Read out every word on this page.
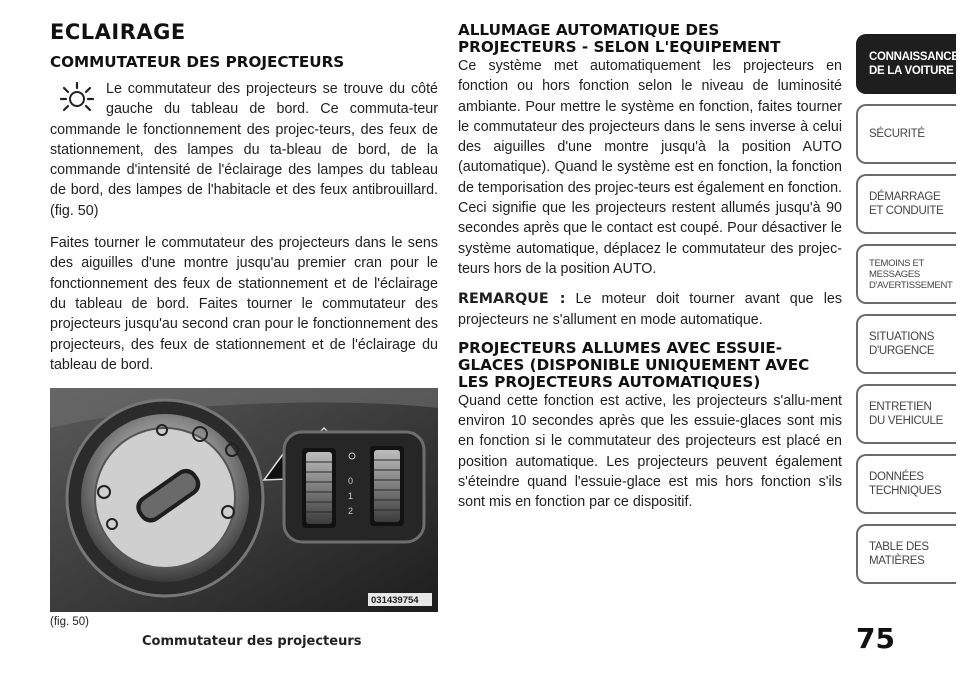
ECLAIRAGE
COMMUTATEUR DES PROJECTEURS

Le commutateur des projecteurs se trouve du côté gauche du tableau de bord. Ce commuta-teur commande le fonctionnement des projec-teurs, des feux de stationnement, des lampes du ta-bleau de bord, de la commande d'intensité de l'éclairage des lampes du tableau de bord, des lampes de l'habitacle et des feux antibrouillard. (fig. 50)

Faites tourner le commutateur des projecteurs dans le sens des aiguilles d'une montre jusqu'au premier cran pour le fonctionnement des feux de stationnement et de l'éclairage du tableau de bord. Faites tourner le commutateur des projecteurs jusqu'au second cran pour le fonctionnement des projecteurs, des feux de stationnement et de l'éclairage du tableau de bord.

0
1
2
031439754
(fig. 50)
Commutateur des projecteurs
ALLUMAGE AUTOMATIQUE DES PROJECTEURS - SELON L'EQUIPEMENT

Ce système met automatiquement les projecteurs en fonction ou hors fonction selon le niveau de luminosité ambiante. Pour mettre le système en fonction, faites tourner le commutateur des projecteurs dans le sens inverse à celui des aiguilles d'une montre jusqu'à la position AUTO (automatique). Quand le système est en fonction, la fonction de temporisation des projec-teurs est également en fonction. Ceci signifie que les projecteurs restent allumés jusqu'à 90 secondes après que le contact est coupé. Pour désactiver le système automatique, déplacez le commutateur des projec-teurs hors de la position AUTO.

REMARQUE : Le moteur doit tourner avant que les projecteurs ne s'allument en mode automatique.

PROJECTEURS ALLUMES AVEC ESSUIE-GLACES (DISPONIBLE UNIQUEMENT AVEC LES PROJECTEURS AUTOMATIQUES)

Quand cette fonction est active, les projecteurs s'allu-ment environ 10 secondes après que les essuie-glaces sont mis en fonction si le commutateur des projecteurs est placé en position automatique. Les projecteurs peuvent également s'éteindre quand l'essuie-glace est mis hors fonction s'ils sont mis en fonction par ce dispositif.

CONNAISSANCE
DE LA VOITURE
SÉCURITÉ
DÉMARRAGE
ET CONDUITE
TEMOINS ET
MESSAGES
D'AVERTISSEMENT
SITUATIONS
D'URGENCE
ENTRETIEN
DU VEHICULE
DONNÉES
TECHNIQUES
TABLE DES
MATIÈRES
75
